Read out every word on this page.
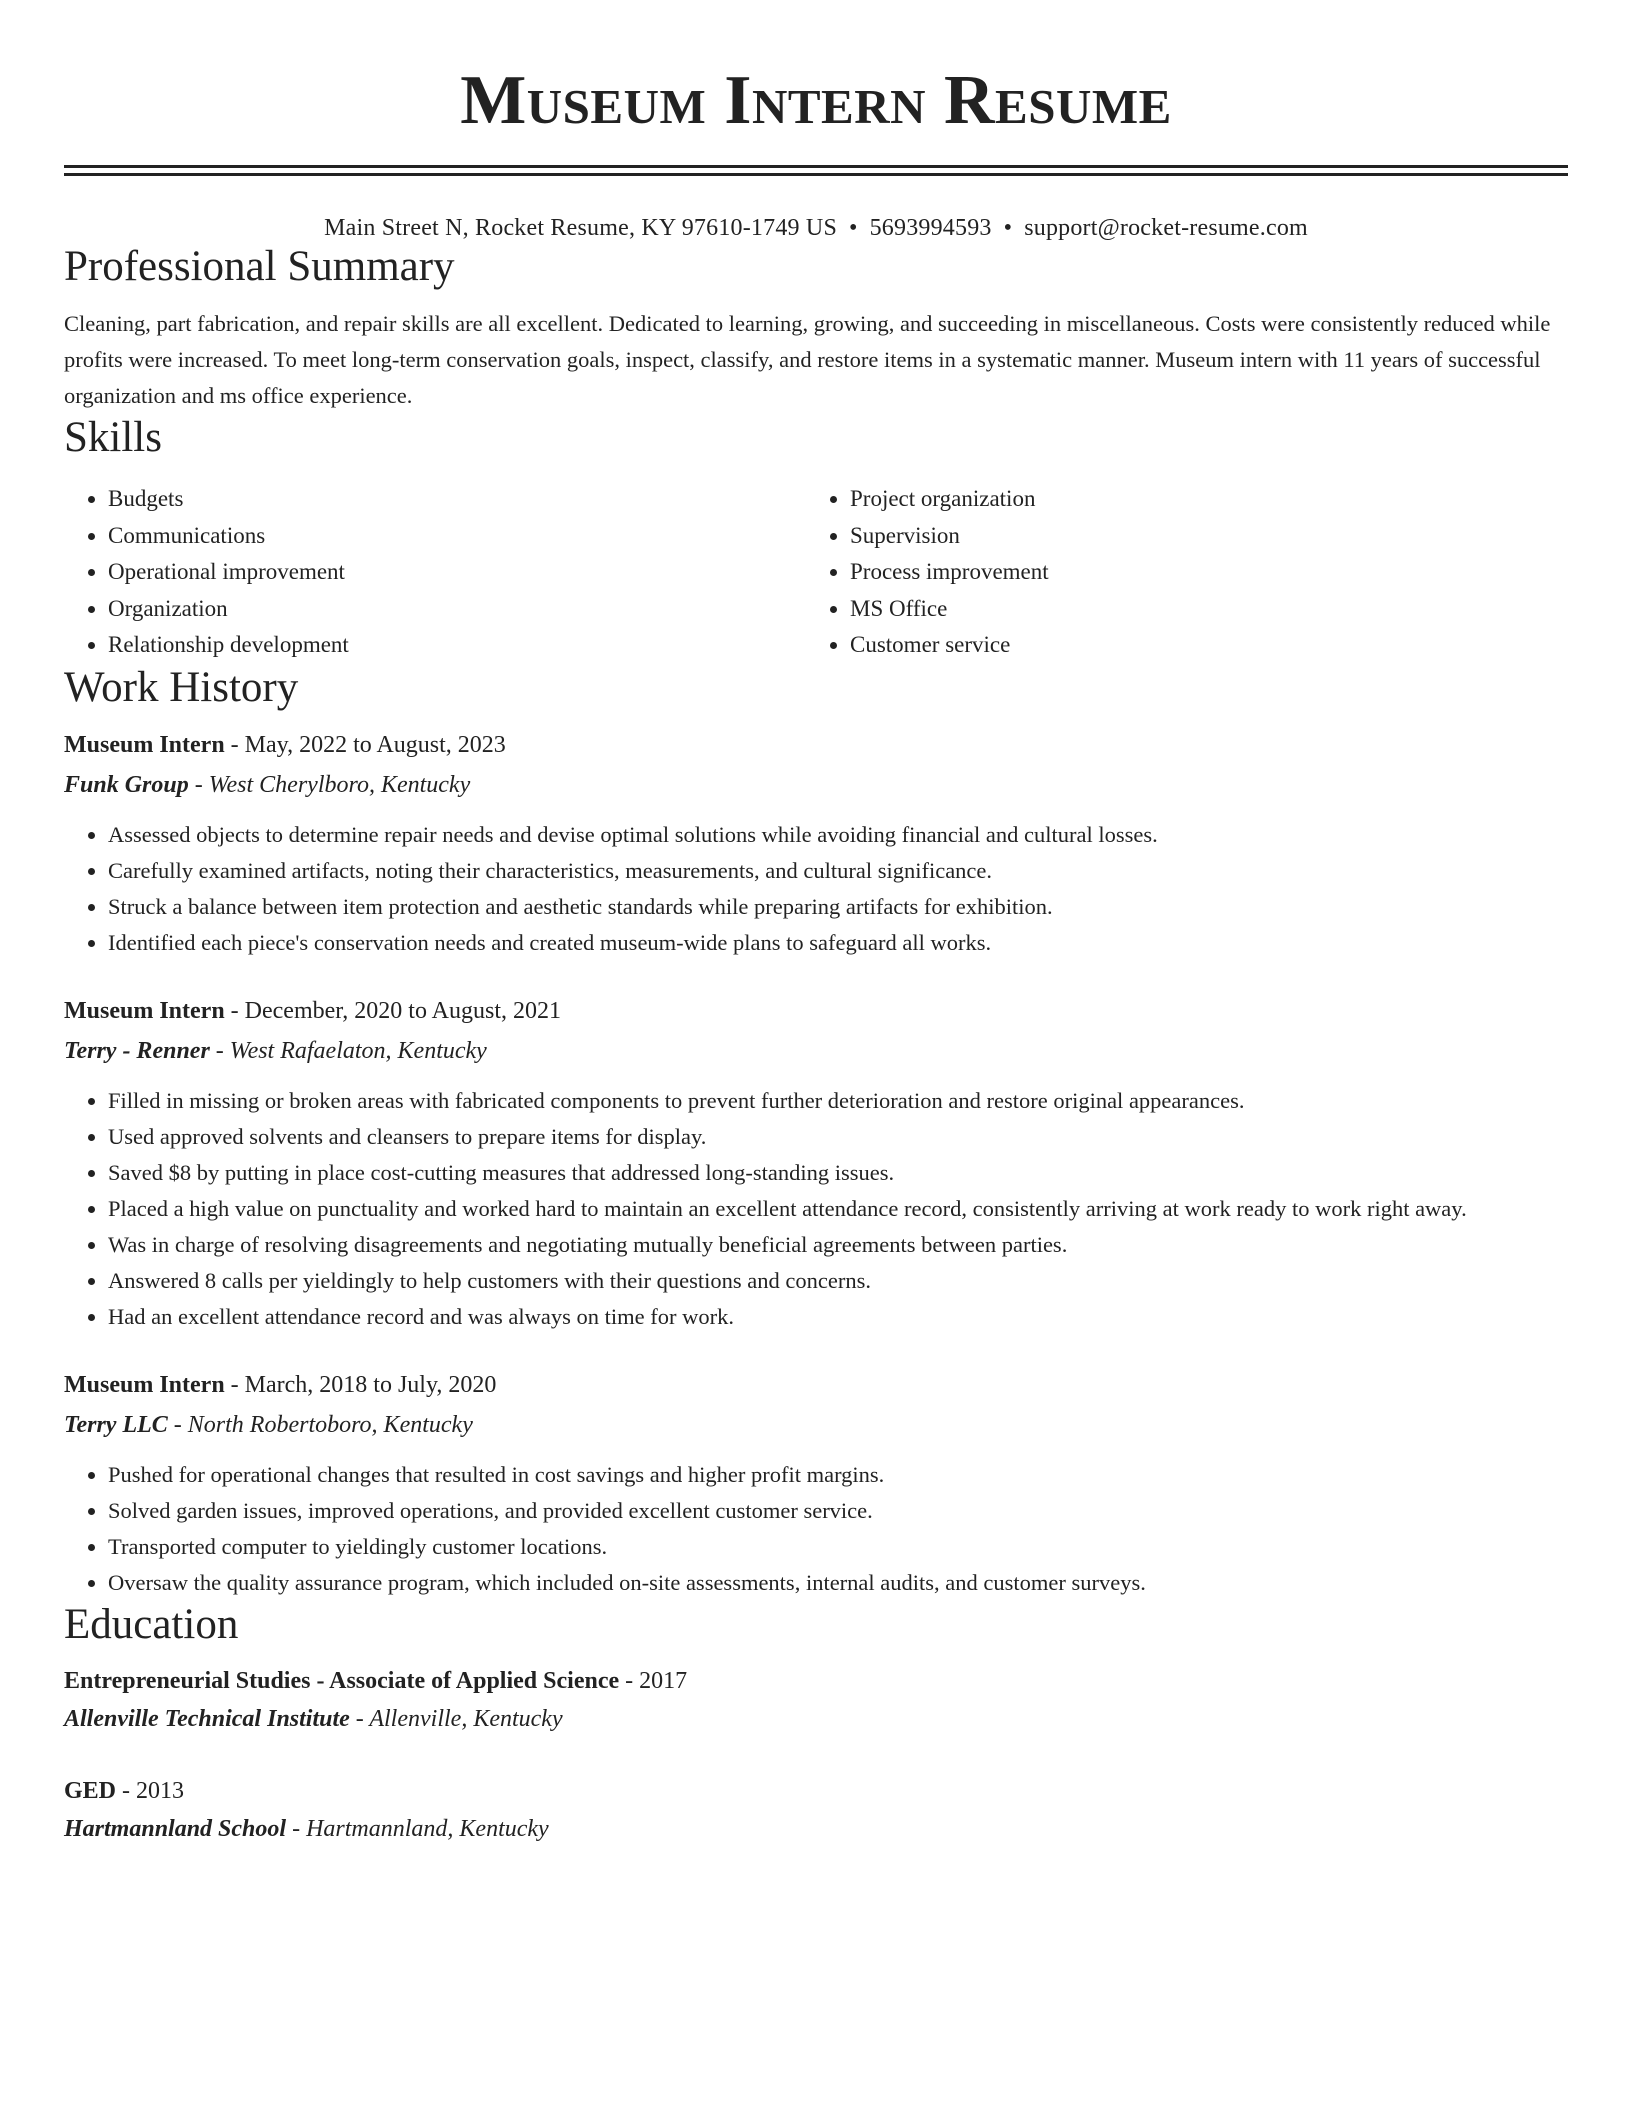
Museum Intern Resume
Main Street N, Rocket Resume, KY 97610-1749 US • 5693994593 • support@rocket-resume.com
Professional Summary

Cleaning, part fabrication, and repair skills are all excellent. Dedicated to learning, growing, and succeeding in miscellaneous. Costs were consistently reduced while profits were increased. To meet long-term conservation goals, inspect, classify, and restore items in a systematic manner. Museum intern with 11 years of successful organization and ms office experience.

Skills
• Budgets
• Communications
• Operational improvement
• Organization
• Relationship development
• Project organization
• Supervision
• Process improvement
• MS Office
• Customer service
Work History
Museum Intern - May, 2022 to August, 2023
Funk Group - West Cherylboro, Kentucky
• Assessed objects to determine repair needs and devise optimal solutions while avoiding financial and cultural losses.
• Carefully examined artifacts, noting their characteristics, measurements, and cultural significance.
• Struck a balance between item protection and aesthetic standards while preparing artifacts for exhibition.
• Identified each piece's conservation needs and created museum-wide plans to safeguard all works.
Museum Intern - December, 2020 to August, 2021
Terry - Renner - West Rafaelaton, Kentucky
• Filled in missing or broken areas with fabricated components to prevent further deterioration and restore original appearances.
• Used approved solvents and cleansers to prepare items for display.
• Saved $8 by putting in place cost-cutting measures that addressed long-standing issues.
• Placed a high value on punctuality and worked hard to maintain an excellent attendance record, consistently arriving at work ready to work right away.
• Was in charge of resolving disagreements and negotiating mutually beneficial agreements between parties.
• Answered 8 calls per yieldingly to help customers with their questions and concerns.
• Had an excellent attendance record and was always on time for work.
Museum Intern - March, 2018 to July, 2020
Terry LLC - North Robertoboro, Kentucky
• Pushed for operational changes that resulted in cost savings and higher profit margins.
• Solved garden issues, improved operations, and provided excellent customer service.
• Transported computer to yieldingly customer locations.
• Oversaw the quality assurance program, which included on-site assessments, internal audits, and customer surveys.
Education
Entrepreneurial Studies - Associate of Applied Science - 2017
Allenville Technical Institute - Allenville, Kentucky
GED - 2013
Hartmannland School - Hartmannland, Kentucky
